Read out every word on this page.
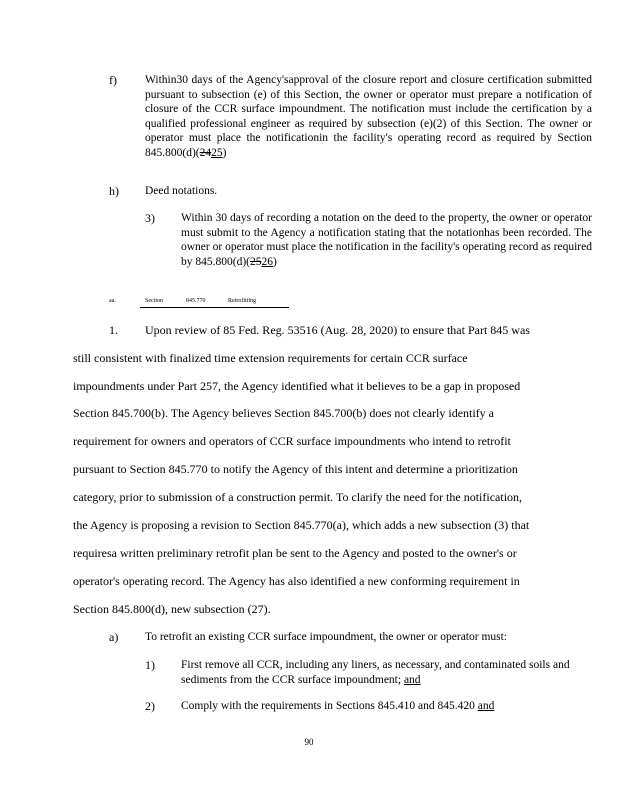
f) Within30 days of the Agency'sapproval of the closure report and closure certification submitted pursuant to subsection (e) of this Section, the owner or operator must prepare a notification of closure of the CCR surface impoundment. The notification must include the certification by a qualified professional engineer as required by subsection (e)(2) of this Section. The owner or operator must place the notificationin the facility's operating record as required by Section 845.800(d)(2425)
h) Deed notations.
3) Within 30 days of recording a notation on the deed to the property, the owner or operator must submit to the Agency a notification stating that the notationhas been recorded. The owner or operator must place the notification in the facility's operating record as required by 845.800(d)(2526)
aa.	Section	845.770	Retrofitting
1. Upon review of 85 Fed. Reg. 53516 (Aug. 28, 2020) to ensure that Part 845 was
still consistent with finalized time extension requirements for certain CCR surface
impoundments under Part 257, the Agency identified what it believes to be a gap in proposed
Section 845.700(b). The Agency believes Section 845.700(b) does not clearly identify a
requirement for owners and operators of CCR surface impoundments who intend to retrofit
pursuant to Section 845.770 to notify the Agency of this intent and determine a prioritization
category, prior to submission of a construction permit. To clarify the need for the notification,
the Agency is proposing a revision to Section 845.770(a), which adds a new subsection (3) that
requiresa written preliminary retrofit plan be sent to the Agency and posted to the owner's or
operator's operating record. The Agency has also identified a new conforming requirement in
Section 845.800(d), new subsection (27).
a) To retrofit an existing CCR surface impoundment, the owner or operator must:
1) First remove all CCR, including any liners, as necessary, and contaminated soils and sediments from the CCR surface impoundment; and
2) Comply with the requirements in Sections 845.410 and 845.420 and
90
